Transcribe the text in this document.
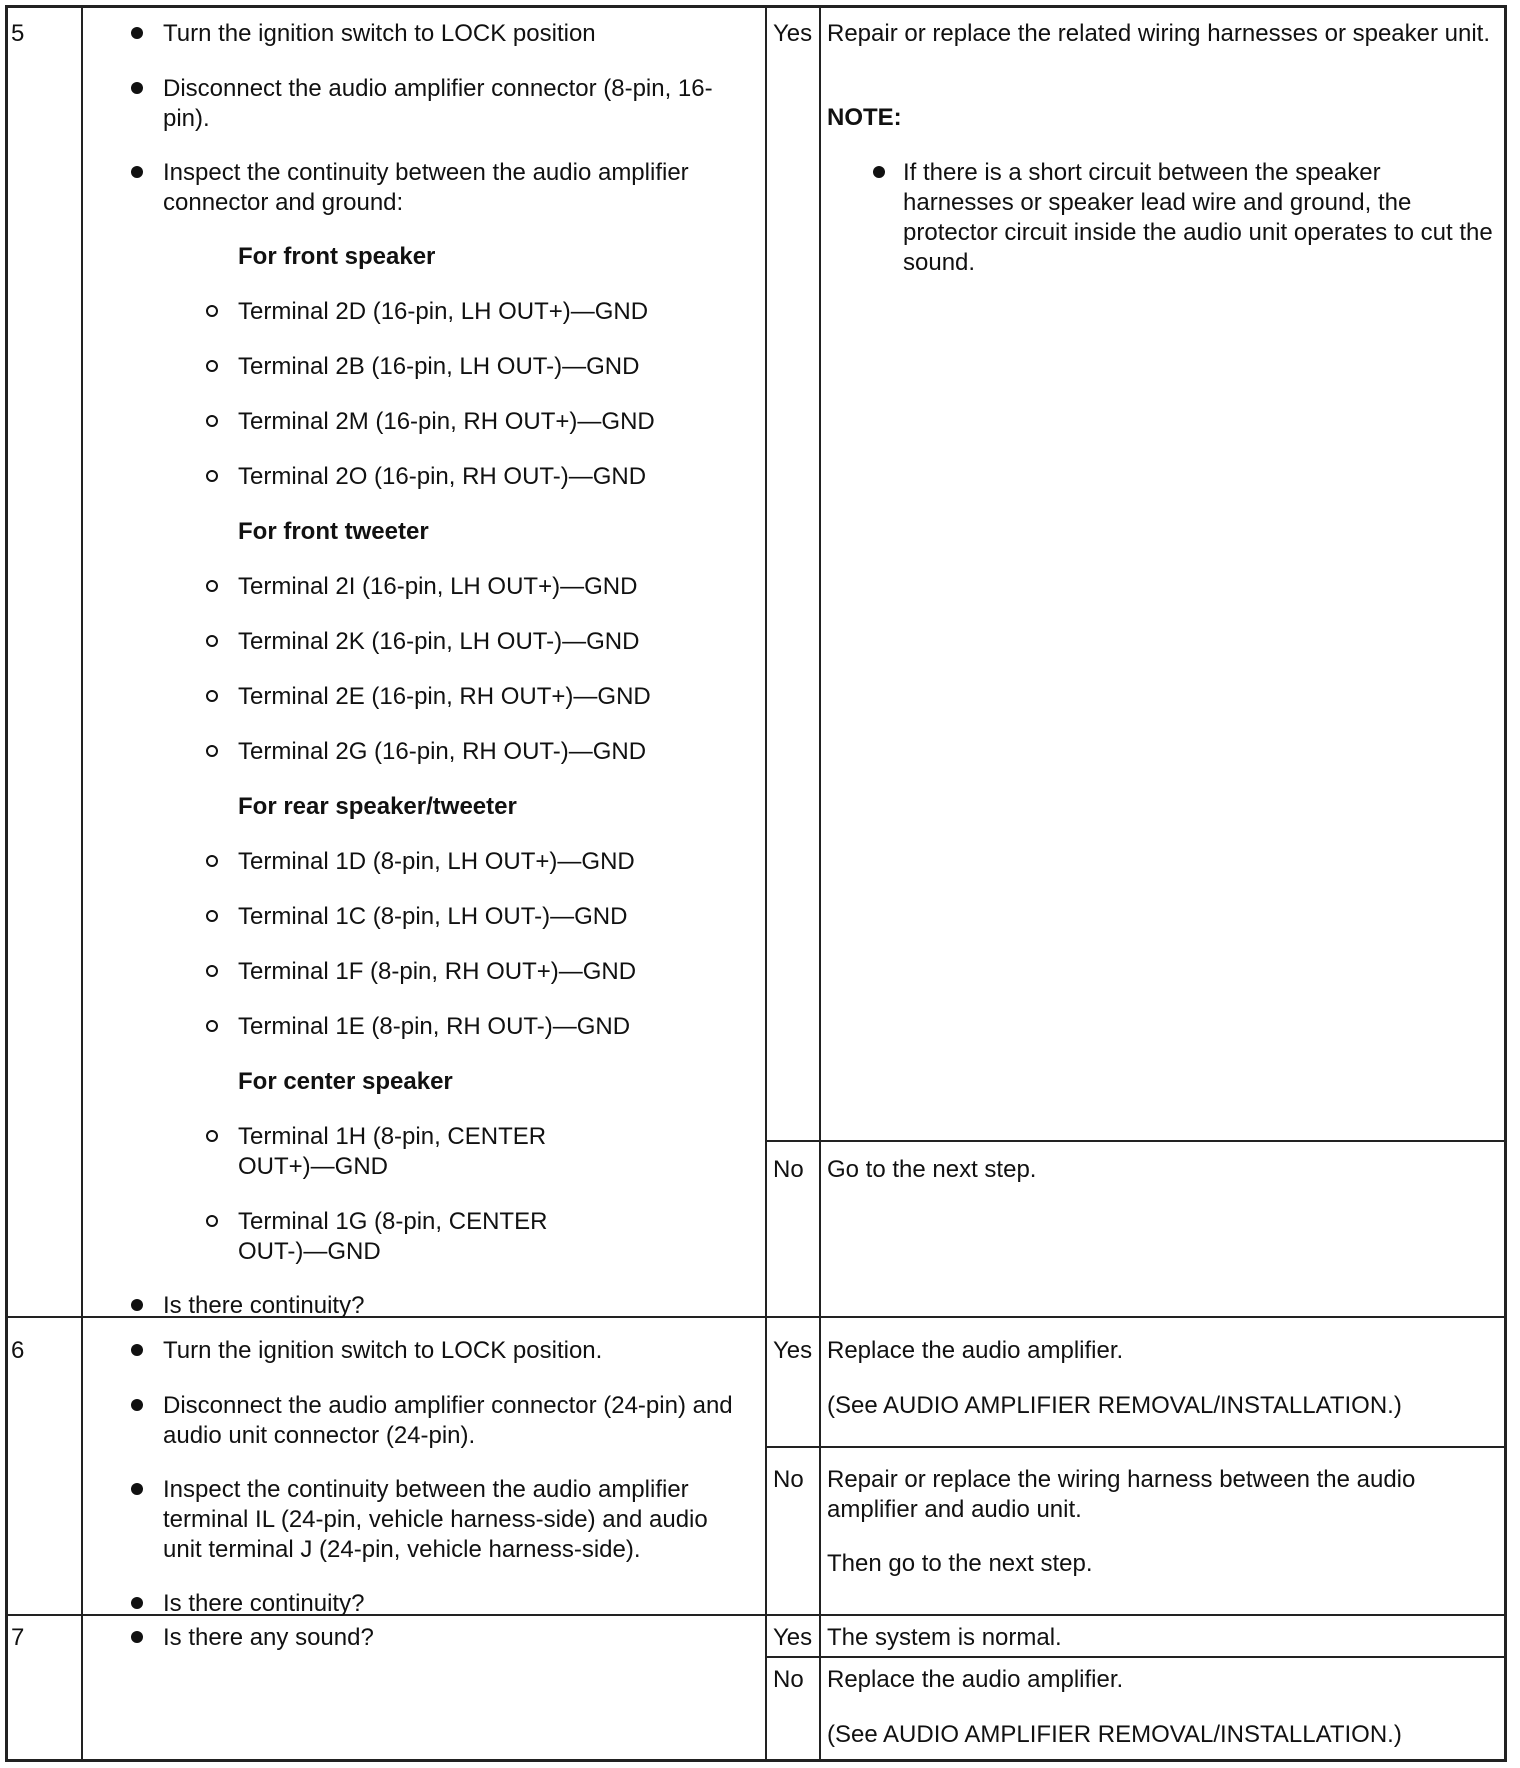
5	Turn the ignition switch to LOCK position
Disconnect the audio amplifier connector (8-pin, 16-pin).
Inspect the continuity between the audio amplifier connector and ground:
For front speaker
Terminal 2D (16-pin, LH OUT+)—GND
Terminal 2B (16-pin, LH OUT-)—GND
Terminal 2M (16-pin, RH OUT+)—GND
Terminal 2O (16-pin, RH OUT-)—GND
For front tweeter
Terminal 2I (16-pin, LH OUT+)—GND
Terminal 2K (16-pin, LH OUT-)—GND
Terminal 2E (16-pin, RH OUT+)—GND
Terminal 2G (16-pin, RH OUT-)—GND
For rear speaker/tweeter
Terminal 1D (8-pin, LH OUT+)—GND
Terminal 1C (8-pin, LH OUT-)—GND
Terminal 1F (8-pin, RH OUT+)—GND
Terminal 1E (8-pin, RH OUT-)—GND
For center speaker
Terminal 1H (8-pin, CENTER OUT+)—GND
Terminal 1G (8-pin, CENTER OUT-)—GND
Is there continuity?
Yes Repair or replace the related wiring harnesses or speaker unit.
NOTE:
If there is a short circuit between the speaker harnesses or speaker lead wire and ground, the protector circuit inside the audio unit operates to cut the sound.
No Go to the next step.
6	Turn the ignition switch to LOCK position.
Disconnect the audio amplifier connector (24-pin) and audio unit connector (24-pin).
Inspect the continuity between the audio amplifier terminal IL (24-pin, vehicle harness-side) and audio unit terminal J (24-pin, vehicle harness-side).
Is there continuity?
Yes Replace the audio amplifier.
(See AUDIO AMPLIFIER REMOVAL/INSTALLATION.)
No Repair or replace the wiring harness between the audio amplifier and audio unit.
Then go to the next step.
7	Is there any sound?	Yes The system is normal.
No Replace the audio amplifier.
(See AUDIO AMPLIFIER REMOVAL/INSTALLATION.)
